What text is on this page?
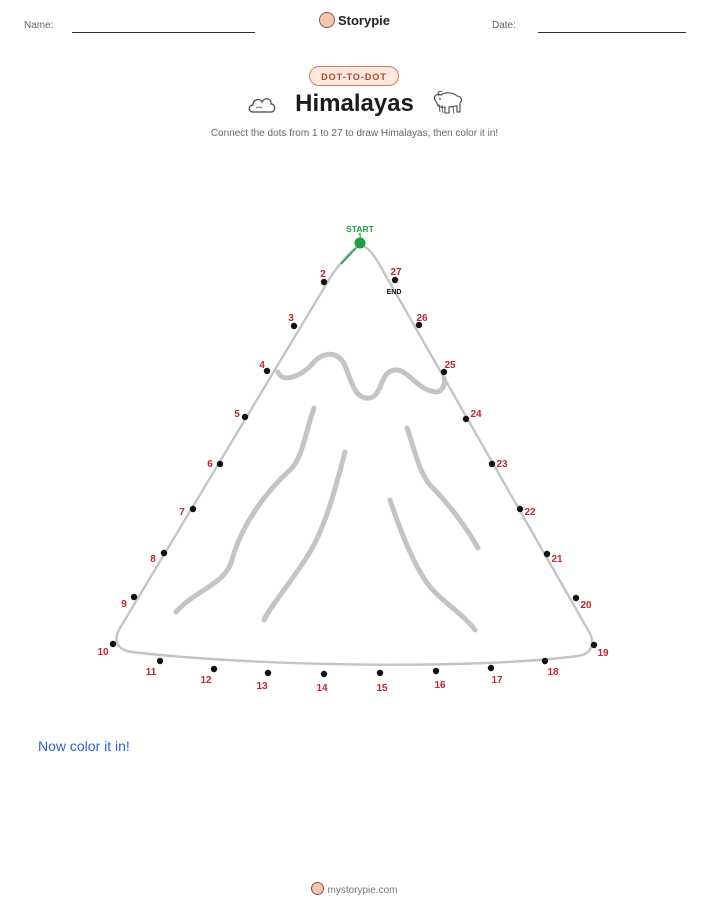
Name:	Storypie	Date:
DOT-TO-DOT
Himalayas
Connect the dots from 1 to 27 to draw Himalayas, then color it in!
START
END
1
2
3
4
5
6
7
8
9
10
11
12
13	14	15	16	17
18
19
20
21
22
23
24
25
26
27
Now color it in!
mystorypie.com
